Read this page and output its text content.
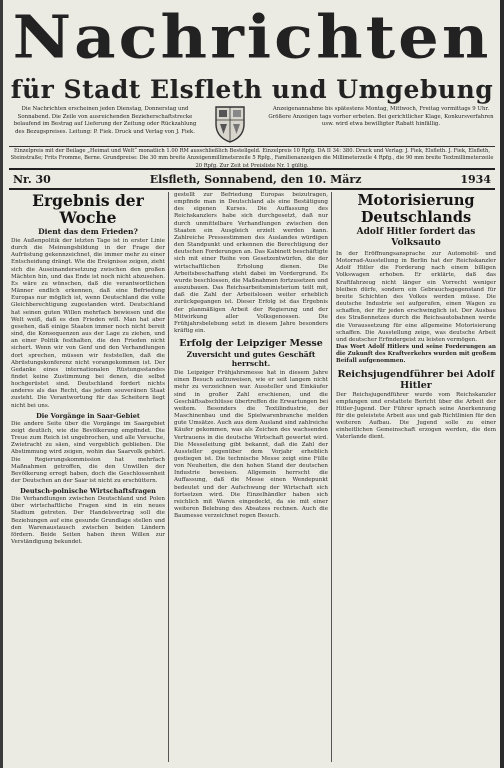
Nachrichten
für Stadt Elsfleth und Umgebung
Die Nachrichten erscheinen jeden Dienstag, Donnerstag und Sonnabend. Die Zeile von ausreichenden Bezieherschaftstrecke belaufend im Bestrag auf Lieferung der Zeitung oder Rückzahlung des Bezugspreises. Leitung: P. Fiek. Druck und Verlag von J. Fiek.
Anzeigenannahme bis spätestens Montag, Mittwoch, Freitag vormittags 9 Uhr. Größere Anzeigen tags vorher erbeten. Bei gerichtlicher Klage, Konkursverfahren usw. wird etwa bewilligter Rabatt hinfällig.
Einzelpreis mit der Beilage „Heimat und Welt“ monatlich 1.00 RM ausschließlich Bestellgeld. Einzelpreis 10 Rpfg. DA II 34: 380. Druck und Verlag: J. Fiek, Elsfleth. J. Fiek, Elsfleth, Steinstraße; Frits Fromme, Berne. Grundpreise: Die 30 mm breite Anzeigenmillimeterzeile 5 Rpfg., Familienanzeigen die Millimeterzeile 4 Rpfg., die 90 mm breite Textmillimeterzeile 20 Rpfg. Zur Zeit ist Preisliste Nr. 1 gültig.
Nr. 30	Elsfleth, Sonnabend, den 10. März	1934
Ergebnis der Woche
Dient das dem Frieden?

Die Außenpolitik der letzten Tage ist in erster Linie durch die Meinungsbildung in der Frage der Aufrüstung gekennzeichnet, die immer mehr zu einer Entscheidung drängt. Wie die Ereignisse zeigen, zieht sich die Auseinandersetzung zwischen den großen Mächten hin, und das Ende ist noch nicht abzusehen. Es wäre zu wünschen, daß die verantwortlichen Männer endlich erkennen, daß eine Befriedung Europas nur möglich ist, wenn Deutschland die volle Gleichberechtigung zugestanden wird. Deutschland hat seinen guten Willen mehrfach bewiesen und die Welt weiß, daß es den Frieden will. Man hat aber gesehen, daß einige Staaten immer noch nicht bereit sind, die Konsequenzen aus der Lage zu ziehen, und an einer Politik festhalten, die den Frieden nicht sichert. Wenn wir von Genf und den Verhandlungen dort sprechen, müssen wir feststellen, daß die Abrüstungskonferenz nicht vorangekommen ist. Der Gedanke eines internationalen Rüstungsstandes findet keine Zustimmung bei denen, die selbst hochgerüstet sind. Deutschland fordert nichts anderes als das Recht, das jedem souveränen Staat zusteht. Die Verantwortung für das Scheitern liegt nicht bei uns.

Die Vorgänge in Saar-Gebiet

Die andere Seite über die Vorgänge im Saargebiet zeigt deutlich, wie die Bevölkerung empfindet. Die Treue zum Reich ist ungebrochen, und alle Versuche, Zwietracht zu säen, sind vergeblich geblieben. Die Abstimmung wird zeigen, wohin das Saarvolk gehört. Die Regierungskommission hat mehrfach Maßnahmen getroffen, die den Unwillen der Bevölkerung erregt haben, doch die Geschlossenheit der Deutschen an der Saar ist nicht zu erschüttern.

Deutsch-polnische Wirtschaftsfragen

Die Verhandlungen zwischen Deutschland und Polen über wirtschaftliche Fragen sind in ein neues Stadium getreten. Der Handelsvertrag soll die Beziehungen auf eine gesunde Grundlage stellen und den Warenaustausch zwischen beiden Ländern fördern. Beide Seiten haben ihren Willen zur Verständigung bekundet.

gestellt zur Befriedung Europas beizutragen, empfinde man in Deutschland als eine Bestätigung des eigenen Kurses. Die Auffassung des Reichskanzlers habe sich durchgesetzt, daß nur durch unmittelbare Verhandlungen zwischen den Staaten ein Ausgleich erzielt werden kann. Zahlreiche Pressestimmen des Auslandes würdigen den Standpunkt und erkennen die Berechtigung der deutschen Forderungen an. Das Kabinett beschäftigte sich mit einer Reihe von Gesetzentwürfen, die der wirtschaftlichen Erholung dienen. Die Arbeitsbeschaffung steht dabei im Vordergrund. Es wurde beschlossen, die Maßnahmen fortzusetzen und auszubauen. Das Reichsarbeitsministerium teilt mit, daß die Zahl der Arbeitslosen weiter erheblich zurückgegangen ist. Dieser Erfolg ist das Ergebnis der planmäßigen Arbeit der Regierung und der Mitwirkung aller Volksgenossen. Die Frühjahrsbelebung setzt in diesem Jahre besonders kräftig ein.

Erfolg der Leipziger Messe
Zuversicht und gutes Geschäft herrscht.

Die Leipziger Frühjahrsmesse hat in diesem Jahre einen Besuch aufzuweisen, wie er seit langem nicht mehr zu verzeichnen war. Aussteller und Einkäufer sind in großer Zahl erschienen, und die Geschäftsabschlüsse übertreffen die Erwartungen bei weitem. Besonders die Textilindustrie, der Maschinenbau und die Spielwarenbranche melden gute Umsätze. Auch aus dem Ausland sind zahlreiche Käufer gekommen, was als Zeichen des wachsenden Vertrauens in die deutsche Wirtschaft gewertet wird. Die Messeleitung gibt bekannt, daß die Zahl der Aussteller gegenüber dem Vorjahr erheblich gestiegen ist. Die technische Messe zeigt eine Fülle von Neuheiten, die den hohen Stand der deutschen Industrie beweisen. Allgemein herrscht die Auffassung, daß die Messe einen Wendepunkt bedeutet und der Aufschwung der Wirtschaft sich fortsetzen wird. Die Einzelhändler haben sich reichlich mit Waren eingedeckt, da sie mit einer weiteren Belebung des Absatzes rechnen. Auch die Baumesse verzeichnet regen Besuch.

Motorisierung Deutschlands
Adolf Hitler fordert das Volksauto

In der Eröffnungsansprache zur Automobil- und Motorrad-Ausstellung in Berlin hat der Reichskanzler Adolf Hitler die Forderung nach einem billigen Volkswagen erhoben. Er erklärte, daß das Kraftfahrzeug nicht länger ein Vorrecht weniger bleiben dürfe, sondern ein Gebrauchsgegenstand für breite Schichten des Volkes werden müsse. Die deutsche Industrie sei aufgerufen, einen Wagen zu schaffen, der für jeden erschwinglich ist. Der Ausbau des Straßennetzes durch die Reichsautobahnen werde die Voraussetzung für eine allgemeine Motorisierung schaffen. Die Ausstellung zeige, was deutsche Arbeit und deutscher Erfindergeist zu leisten vermögen.

Das Wort Adolf Hitlers und seine Forderungen an die Zukunft des Kraftverkehrs wurden mit großem Beifall aufgenommen.

Reichsjugendführer bei Adolf Hitler

Der Reichsjugendführer wurde vom Reichskanzler empfangen und erstattete Bericht über die Arbeit der Hitler-Jugend. Der Führer sprach seine Anerkennung für die geleistete Arbeit aus und gab Richtlinien für den weiteren Aufbau. Die Jugend solle zu einer einheitlichen Gemeinschaft erzogen werden, die dem Vaterlande dient.
